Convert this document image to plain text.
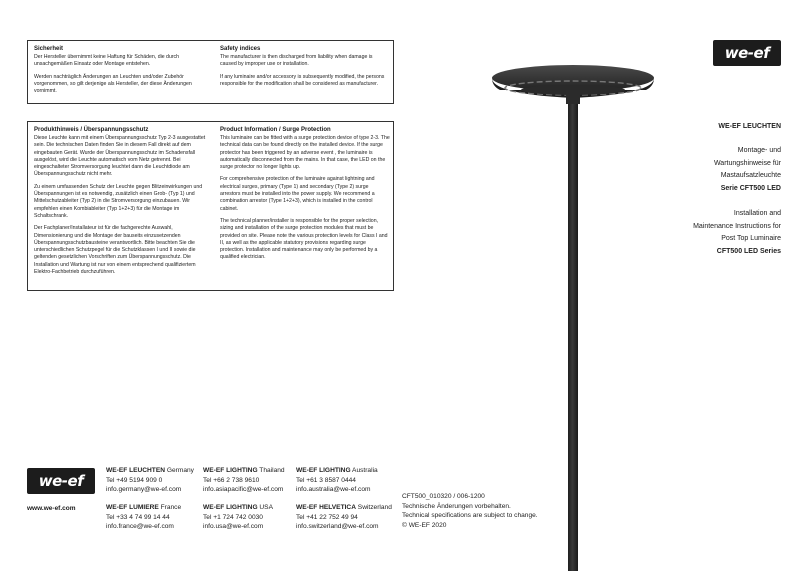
Sicherheit

Der Hersteller übernimmt keine Haftung für Schäden, die durch unsachgemäßen Einsatz oder Montage entstehen.

Werden nachträglich Änderungen an Leuchten und/oder Zubehör vorgenommen, so gilt derjenige als Hersteller, der diese Änderungen vornimmt.

Safety indices

The manufacturer is then discharged from liability when damage is caused by improper use or installation.

If any luminaire and/or accessory is subsequently modified, the persons responsible for the modification shall be considered as manufacturer.

Produkthinweis / Überspannungsschutz

Diese Leuchte kann mit einem Überspannungsschutz Typ 2-3 ausgestattet sein. Die technischen Daten finden Sie in diesem Fall direkt auf dem eingebauten Gerät. Wurde der Überspannungsschutz im Schadensfall ausgelöst, wird die Leuchte automatisch vom Netz getrennt. Bei eingeschalteter Stromversorgung leuchtet dann die Leuchtdiode am Überspannungsschutz nicht mehr.

Zu einem umfassenden Schutz der Leuchte gegen Blitzeinwirkungen und Überspannungen ist es notwendig, zusätzlich einen Grob- (Typ 1) und Mittelschutzableiter (Typ 2) in die Stromversorgung einzubauen. Wir empfehlen einen Kombiableiter (Typ 1+2+3) für die Montage im Schaltschrank.

Der Fachplaner/Installateur ist für die fachgerechte Auswahl, Dimensionierung und die Montage der bauseits einzusetzenden Überspannungsschutzbausteine verantwortlich. Bitte beachten Sie die unterschiedlichen Schutzpegel für die Schutzklassen I und II sowie die geltenden gesetzlichen Vorschriften zum Überspannungsschutz. Die Installation und Wartung ist nur von einem entsprechend qualifiziertem Elektro-Fachbetrieb durchzuführen.

Product Information / Surge Protection

This luminaire can be fitted with a surge protection device of type 2-3. The technical data can be found directly on the installed device. If the surge protector has been triggered by an adverse event , the luminaire is automatically disconnected from the mains. In that case, the LED on the surge protector no longer lights up.

For comprehensive protection of the luminaire against lightning and electrical surges, primary (Type 1) and secondary (Type 2) surge arrestors must be installed into the power supply. We recommend a combination arrestor (Type 1+2+3), which is installed in the control cabinet.

The technical planner/installer is responsible for the proper selection, sizing and installation of the surge protection modules that must be provided on site. Please note the various protection levels for Class I and II, as well as the applicable statutory provisions regarding surge protection. Installation and maintenance may only be performed by a qualified electrician.

we-ef
WE-EF LEUCHTEN
Montage- und
Wartungshinweise für
Mastaufsatzleuchte
Serie CFT500 LED
Installation and
Maintenance Instructions for
Post Top Luminaire
CFT500 LED Series
we-ef
www.we-ef.com
WE-EF LEUCHTEN Germany
Tel +49 5194 909 0
info.germany@we-ef.com
WE-EF LIGHTING Thailand
Tel +66 2 738 9610
info.asiapacific@we-ef.com
WE-EF LIGHTING Australia
Tel +61 3 8587 0444
info.australia@we-ef.com
WE-EF LUMIERE France
Tel +33 4 74 99 14 44
info.france@we-ef.com
WE-EF LIGHTING USA
Tel +1 724 742 0030
info.usa@we-ef.com
WE-EF HELVETICA Switzerland
Tel +41 22 752 49 94
info.switzerland@we-ef.com
CFT500_010320 / 006-1200
Technische Änderungen vorbehalten.
Technical specifications are subject to change.
© WE-EF 2020
